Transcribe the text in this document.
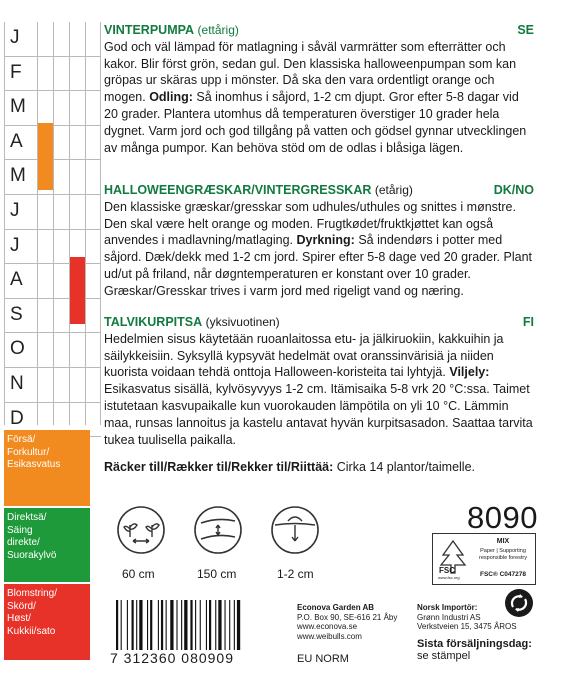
J
F
M
A
M
J
J
A
S
O
N
D
Försä/
Forkultur/
Esikasvatus
Direktsä/
Säing
direkte/
Suorakylvö
Blomstring/
Skörd/
Høst/
Kukkii/sato
VINTERPUMPA (ettårig)	SE

God och väl lämpad för matlagning i såväl varmrätter som efterrätter och kakor. Blir först grön, sedan gul. Den klassiska halloweenpumpan som kan gröpas ur skäras upp i mönster. Då ska den vara ordentligt orange och mogen. Odling: Så inomhus i såjord, 1-2 cm djupt. Gror efter 5-8 dagar vid 20 grader. Plantera utomhus då temperaturen överstiger 10 grader hela dygnet. Varm jord och god tillgång på vatten och gödsel gynnar utvecklingen av många pumpor. Kan behöva stöd om de odlas i blåsiga lägen.

HALLOWEENGRÆSKAR/VINTERGRESSKAR (etårig)	DK/NO

Den klassiske græskar/gresskar som udhules/uthules og snittes i mønstre. Den skal være helt orange og moden. Frugtkødet/fruktkjøttet kan også anvendes i madlavning/matlaging. Dyrkning: Så indendørs i potter med såjord. Dæk/dekk med 1-2 cm jord. Spirer efter 5-8 dage ved 20 grader. Plant ud/ut på friland, når døgntemperaturen er konstant over 10 grader. Græskar/Gresskar trives i varm jord med rigeligt vand og næring.

TALVIKURPITSA (yksivuotinen)	FI

Hedelmien sisus käytetään ruoanlaitossa etu- ja jälkiruokiin, kakkuihin ja säilykkeisiin. Syksyllä kypsyvät hedelmät ovat oranssinvärisiä ja niiden kuorista voidaan tehdä onttoja Halloween-koristeita tai lyhtyjä. Viljely: Esikasvatus sisällä, kylvösyvyys 1-2 cm. Itämisaika 5-8 vrk 20 °C:ssa. Taimet istutetaan kasvupaikalle kun vuorokauden lämpötila on yli 10 °C. Lämmin maa, runsas lannoitus ja kastelu antavat hyvän kurpitsasadon. Saattaa tarvita tukea tuulisella paikalla.

Räcker till/Rækker til/Rekker til/Riittää: Cirka 14 plantor/taimelle.
8090
60 cm	150 cm	1-2 cm	FSC
www.fsc.org
MIX
Paper | Supporting
responsible forestry
FSC® C047278
7 312360 080909
Econova Garden AB
P.O. Box 90, SE-616 21 Åby
www.econova.se
www.weibulls.com
Norsk Importör:
Grønn Industri AS
Verkstveien 15, 3475 ÅROS
EU NORM
Sista försäljningsdag:
se stämpel
